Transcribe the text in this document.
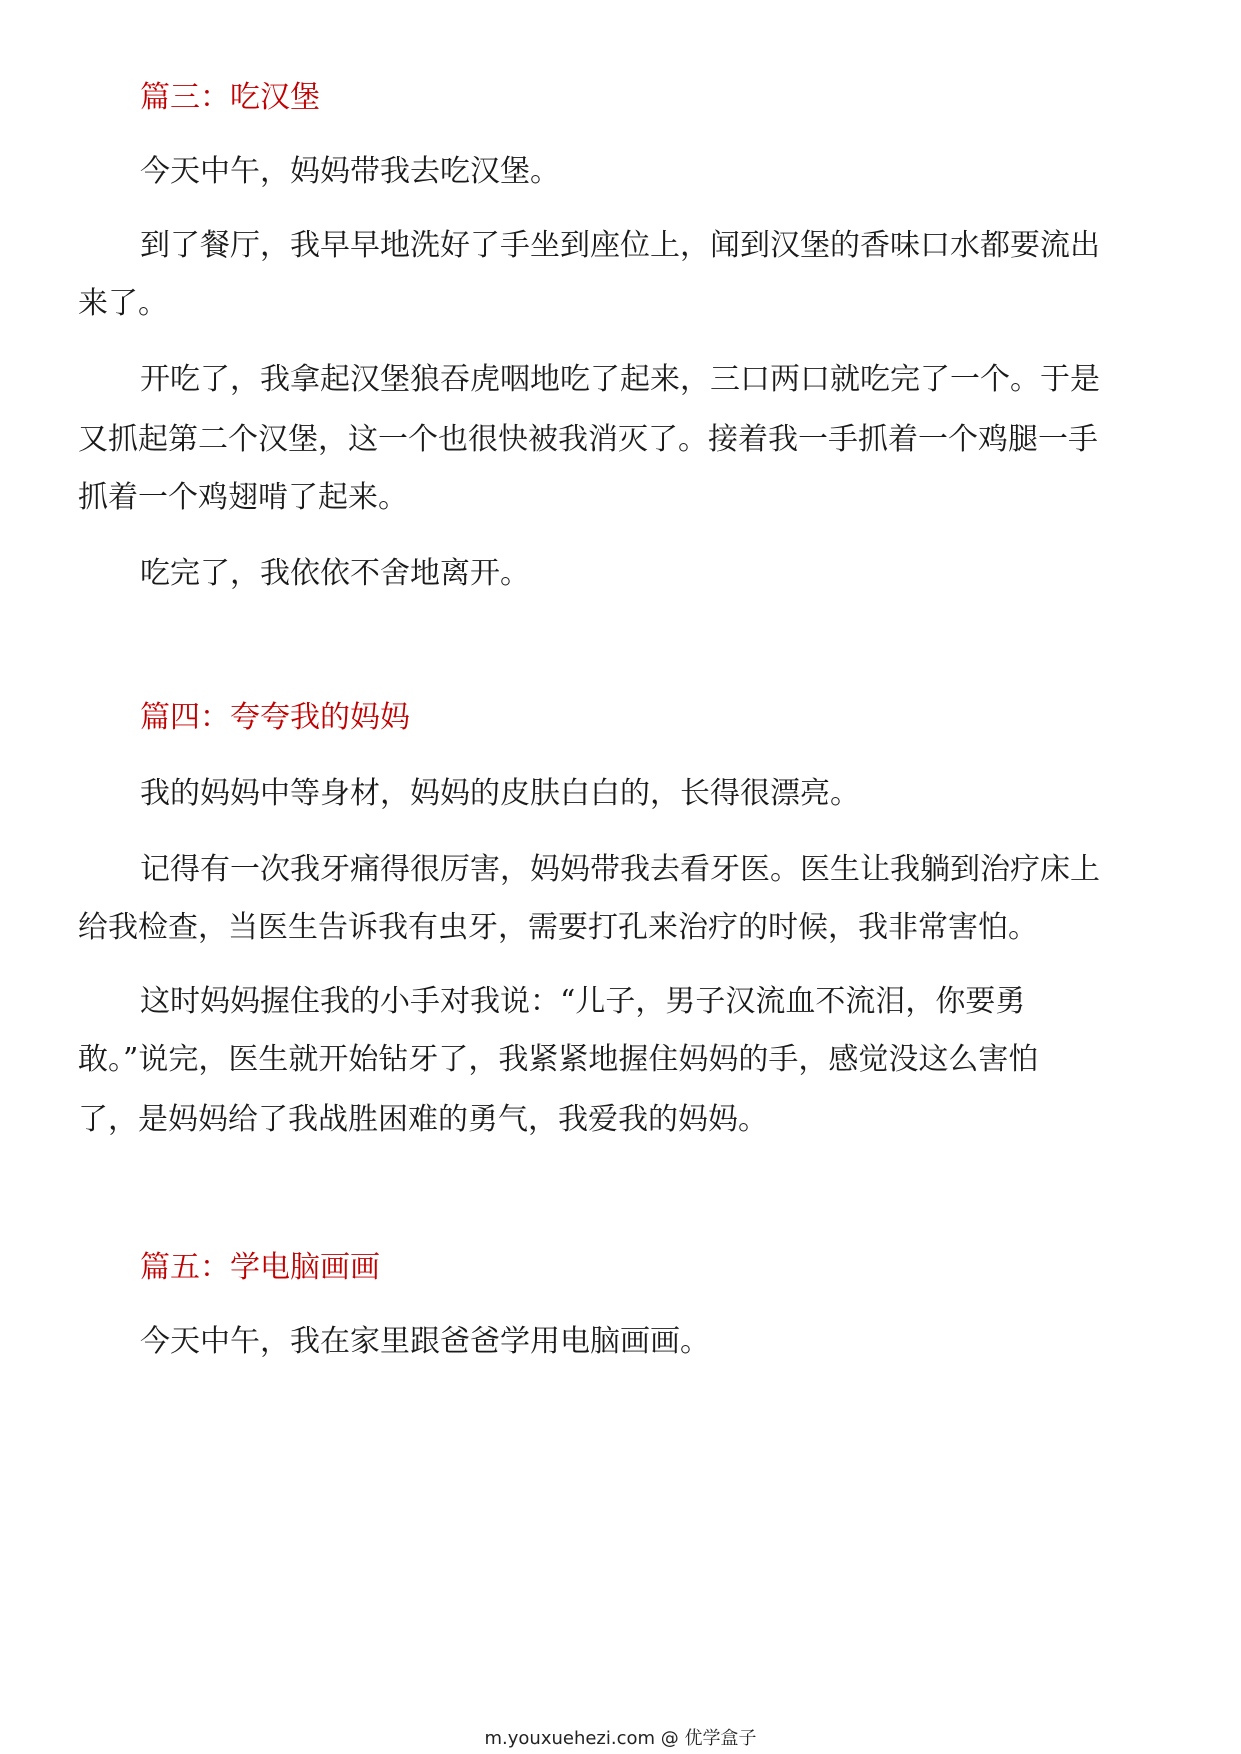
篇三：吃汉堡
今天中午，妈妈带我去吃汉堡。
到了餐厅，我早早地洗好了手坐到座位上，闻到汉堡的香味口水都要流出
来了。
开吃了，我拿起汉堡狼吞虎咽地吃了起来，三口两口就吃完了一个。于是
又抓起第二个汉堡，这一个也很快被我消灭了。接着我一手抓着一个鸡腿一手
抓着一个鸡翅啃了起来。
吃完了，我依依不舍地离开。
篇四：夸夸我的妈妈
我的妈妈中等身材，妈妈的皮肤白白的，长得很漂亮。
记得有一次我牙痛得很厉害，妈妈带我去看牙医。医生让我躺到治疗床上
给我检查，当医生告诉我有虫牙，需要打孔来治疗的时候，我非常害怕。
这时妈妈握住我的小手对我说：“儿子，男子汉流血不流泪，你要勇
敢。”说完，医生就开始钻牙了，我紧紧地握住妈妈的手，感觉没这么害怕
了，是妈妈给了我战胜困难的勇气，我爱我的妈妈。
篇五：学电脑画画
今天中午，我在家里跟爸爸学用电脑画画。
m.youxuehezi.com @ 优学盒子
